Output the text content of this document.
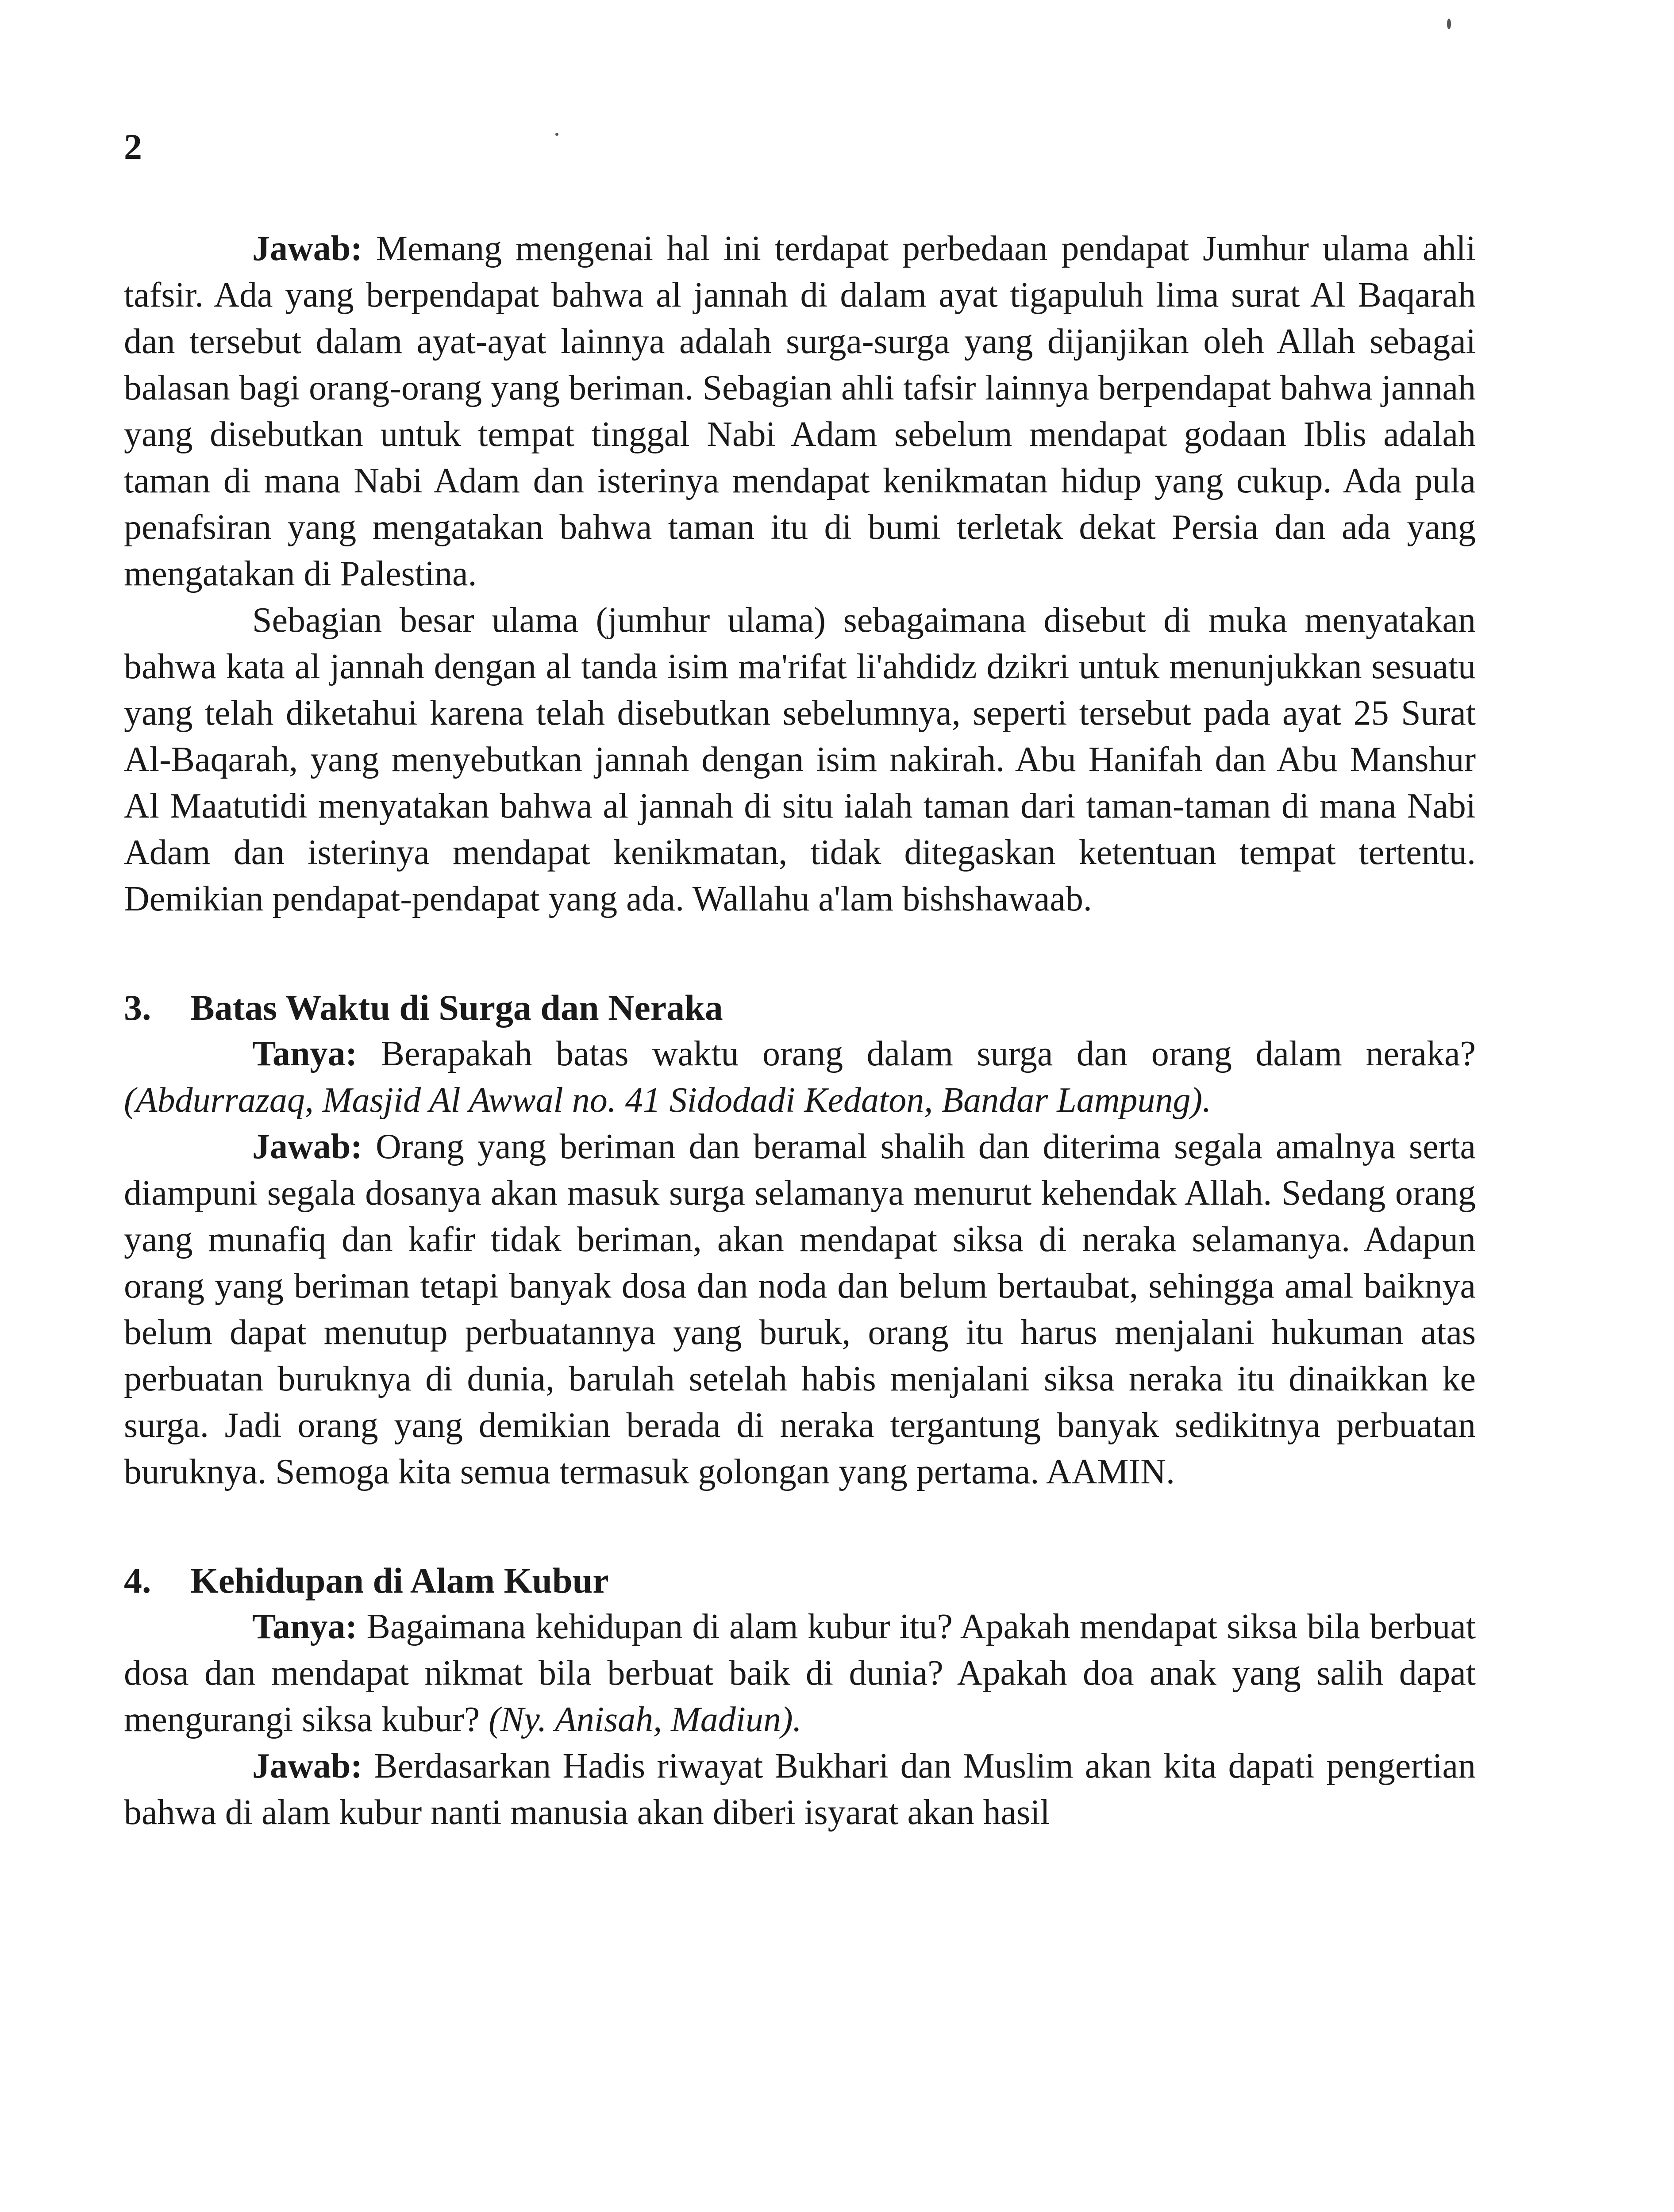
2

Jawab: Memang mengenai hal ini terdapat perbedaan pendapat Jumhur ulama ahli tafsir. Ada yang berpendapat bahwa al jannah di dalam ayat tigapuluh lima surat Al Baqarah dan tersebut dalam ayat-ayat lainnya adalah surga-surga yang dijanjikan oleh Allah sebagai balasan bagi orang-orang yang beriman. Sebagian ahli tafsir lainnya berpendapat bahwa jannah yang disebutkan untuk tempat tinggal Nabi Adam sebelum mendapat godaan Iblis adalah taman di mana Nabi Adam dan isterinya mendapat kenikmatan hidup yang cukup. Ada pula penafsiran yang mengatakan bahwa taman itu di bumi terletak dekat Persia dan ada yang mengatakan di Palestina.

Sebagian besar ulama (jumhur ulama) sebagaimana disebut di muka menyatakan bahwa kata al jannah dengan al tanda isim ma'rifat li'ahdidz dzikri untuk menunjukkan sesuatu yang telah diketahui karena telah disebutkan sebelumnya, seperti tersebut pada ayat 25 Surat Al-Baqarah, yang menyebutkan jannah dengan isim nakirah. Abu Hanifah dan Abu Manshur Al Maatutidi menyatakan bahwa al jannah di situ ialah taman dari taman-taman di mana Nabi Adam dan isterinya mendapat kenikmatan, tidak ditegaskan ketentuan tempat tertentu. Demikian pendapat-pendapat yang ada. Wallahu a'lam bishshawaab.

3. Batas Waktu di Surga dan Neraka

Tanya: Berapakah batas waktu orang dalam surga dan orang dalam neraka? (Abdurrazaq, Masjid Al Awwal no. 41 Sidodadi Kedaton, Bandar Lampung).

Jawab: Orang yang beriman dan beramal shalih dan diterima segala amalnya serta diampuni segala dosanya akan masuk surga selamanya menurut kehendak Allah. Sedang orang yang munafiq dan kafir tidak beriman, akan mendapat siksa di neraka selamanya. Adapun orang yang beriman tetapi banyak dosa dan noda dan belum bertaubat, sehingga amal baiknya belum dapat menutup perbuatannya yang buruk, orang itu harus menjalani hukuman atas perbuatan buruknya di dunia, barulah setelah habis menjalani siksa neraka itu dinaikkan ke surga. Jadi orang yang demikian berada di neraka tergantung banyak sedikitnya perbuatan buruknya. Semoga kita semua termasuk golongan yang pertama. AAMIN.

4. Kehidupan di Alam Kubur

Tanya: Bagaimana kehidupan di alam kubur itu? Apakah mendapat siksa bila berbuat dosa dan mendapat nikmat bila berbuat baik di dunia? Apakah doa anak yang salih dapat mengurangi siksa kubur? (Ny. Anisah, Madiun).

Jawab: Berdasarkan Hadis riwayat Bukhari dan Muslim akan kita dapati pengertian bahwa di alam kubur nanti manusia akan diberi isyarat akan hasil
